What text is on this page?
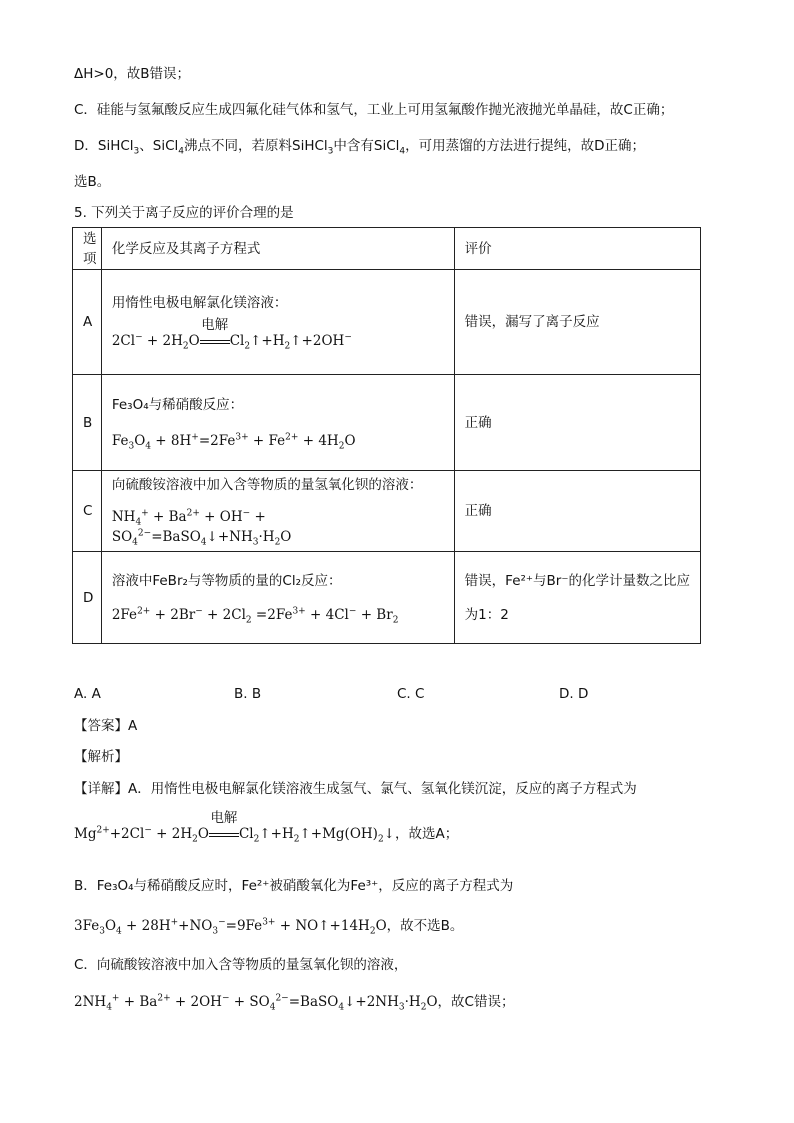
ΔH>0，故B错误；
C．硅能与氢氟酸反应生成四氟化硅气体和氢气，工业上可用氢氟酸作抛光液抛光单晶硅，故C正确；
D．SiHCl$_3$、SiCl$_4$沸点不同，若原料SiHCl$_3$中含有SiCl$_4$，可用蒸馏的方法进行提纯，故D正确；
选B。
5. 下列关于离子反应的评价合理的是
选项	化学反应及其离子方程式	评价
A	用惰性电极电解氯化镁溶液：
$2Cl^- + 2H_2O$
电解
$Cl_2↑+H_2↑+2OH^-$	错误，漏写了离子反应
B	Fe₃O₄与稀硝酸反应：
$Fe_3O_4 + 8H^+=2Fe^{3+} + Fe^{2+} + 4H_2O$	正确
C	向硫酸铵溶液中加入含等物质的量氢氧化钡的溶液：
$NH_4^+ + Ba^{2+} + OH^-$ + $SO_4^{2-}=BaSO_4↓+NH_3\cdot H_2O$	正确
D	溶液中FeBr₂与等物质的量的Cl₂反应：
$2Fe^{2+} + 2Br^- + 2Cl_2 =2Fe^{3+} + 4Cl^- + Br_2$	错误，Fe²⁺与Br⁻的化学计量数之比应为1：2
A. A	B. B	C. C	D. D
【答案】A
【解析】
【详解】A．用惰性电极电解氯化镁溶液生成氢气、氯气、氢氧化镁沉淀，反应的离子方程式为
$Mg^{2+}+2Cl^- + 2H_2O$
电解
$Cl_2↑+H_2↑+Mg(OH)_2↓$，故选A；
B．Fe₃O₄与稀硝酸反应时，Fe²⁺被硝酸氧化为Fe³⁺，反应的离子方程式为
$3Fe_3O_4 + 28H^++NO_3^-=9Fe^{3+}$ + $NO↑+14H_2O$，故不选B。
C．向硫酸铵溶液中加入含等物质的量氢氧化钡的溶液，
$2NH_4^+ + Ba^{2+} + 2OH^-$ + $SO_4^{2-}=BaSO_4↓+2NH_3\cdot H_2O$，故C错误；
